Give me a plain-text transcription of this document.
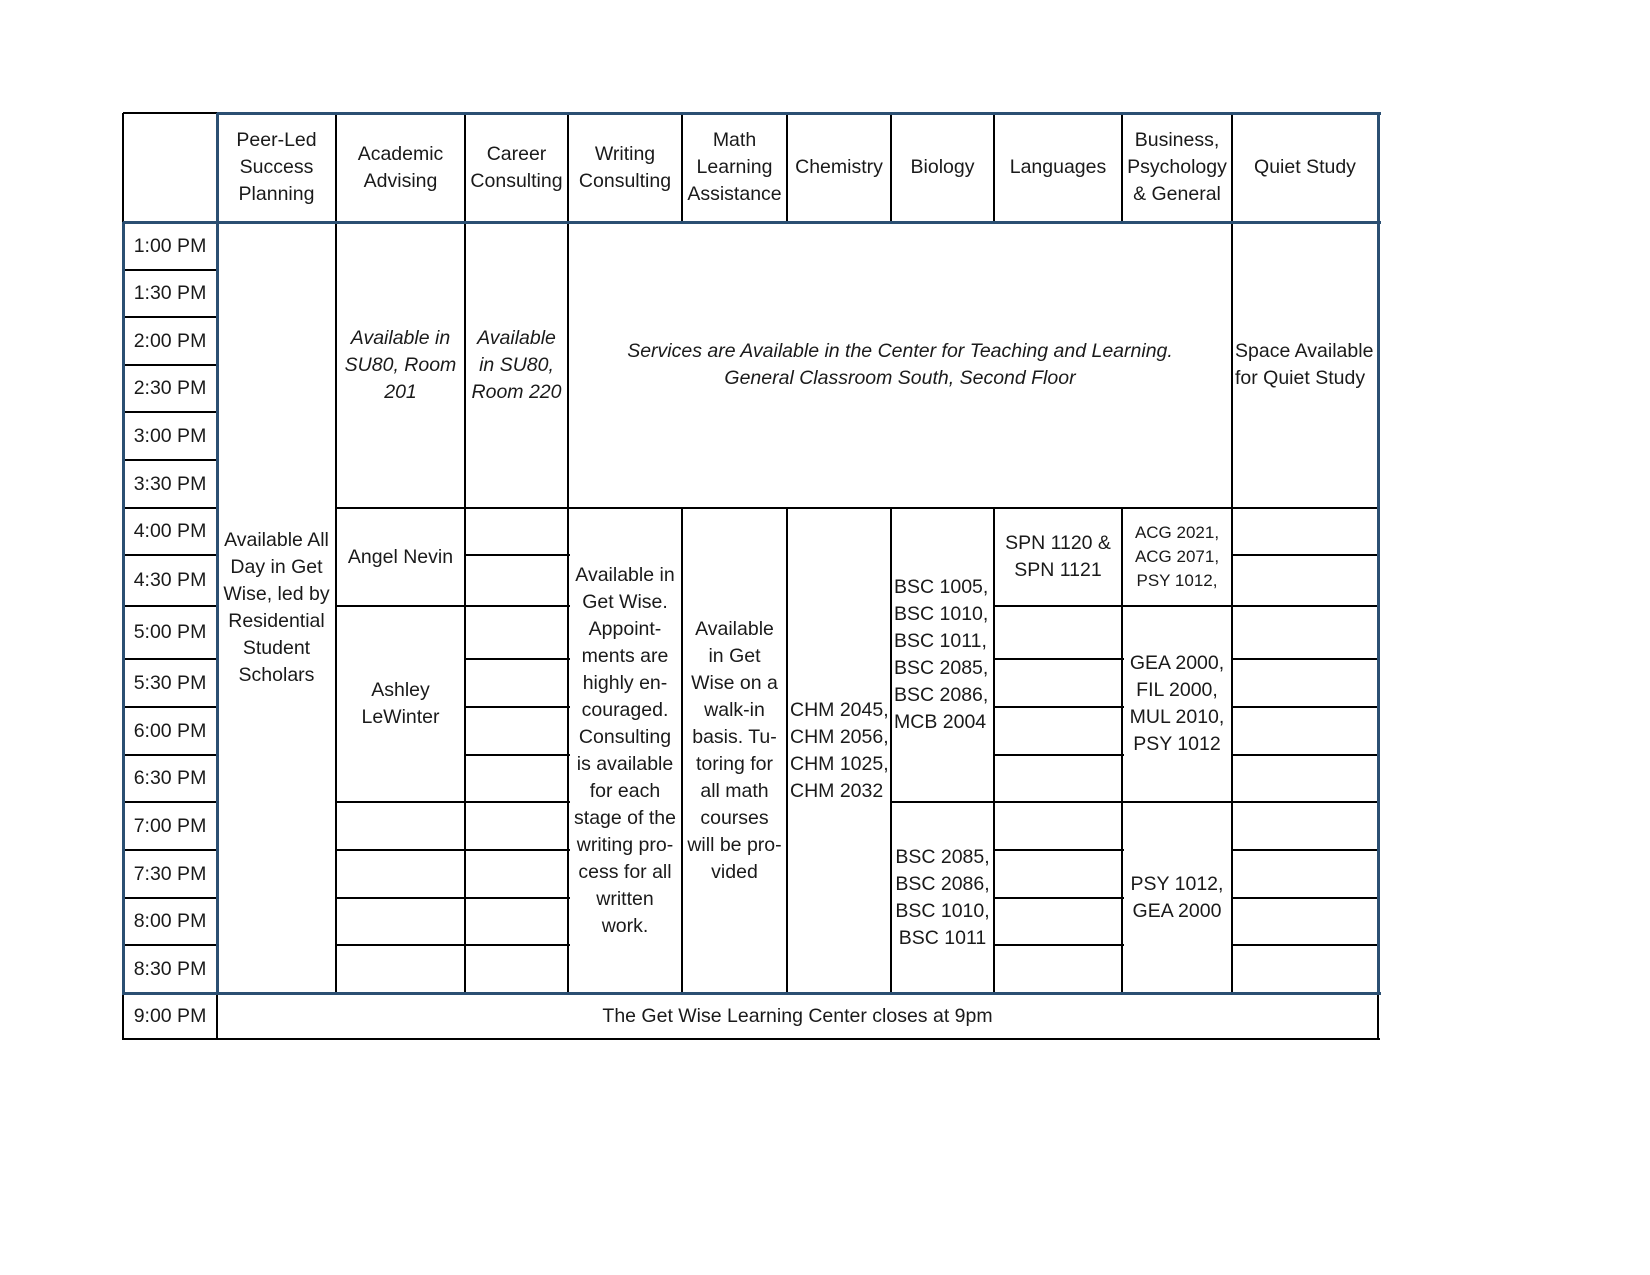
Peer-Led
Success
Planning
Academic
Advising
Career
Consulting
Writing
Consulting
Math
Learning
Assistance
Chemistry	Biology	Languages
Business,
Psychology
& General
Quiet Study
1:00 PM
1:30 PM
2:00 PM
2:30 PM
3:00 PM
3:30 PM
4:00 PM
4:30 PM
5:00 PM
5:30 PM
6:00 PM
6:30 PM
7:00 PM
7:30 PM
8:00 PM
8:30 PM
9:00 PM
Available All
Day in Get
Wise, led by
Residential
Student
Scholars
Available in
SU80, Room
201
Angel Nevin
Ashley
LeWinter
Available
in SU80,
Room 220
Services are Available in the Center for Teaching and Learning.
General Classroom South, Second Floor
Available in
Get Wise.
Appoint-
ments are
highly en-
couraged.
Consulting
is available
for each
stage of the
writing pro-
cess for all
written
work.
Available
in Get
Wise on a
walk-in
basis. Tu-
toring for
all math
courses
will be pro-
vided
CHM 2045,
CHM 2056,
CHM 1025,
CHM 2032
BSC 1005,
BSC 1010,
BSC 1011,
BSC 2085,
BSC 2086,
MCB 2004
BSC 2085,
BSC 2086,
BSC 1010,
BSC 1011
SPN 1120 &
SPN 1121
ACG 2021,
ACG 2071,
PSY 1012,
GEA 2000,
FIL 2000,
MUL 2010,
PSY 1012
PSY 1012,
GEA 2000
Space Available
for Quiet Study
The Get Wise Learning Center closes at 9pm
